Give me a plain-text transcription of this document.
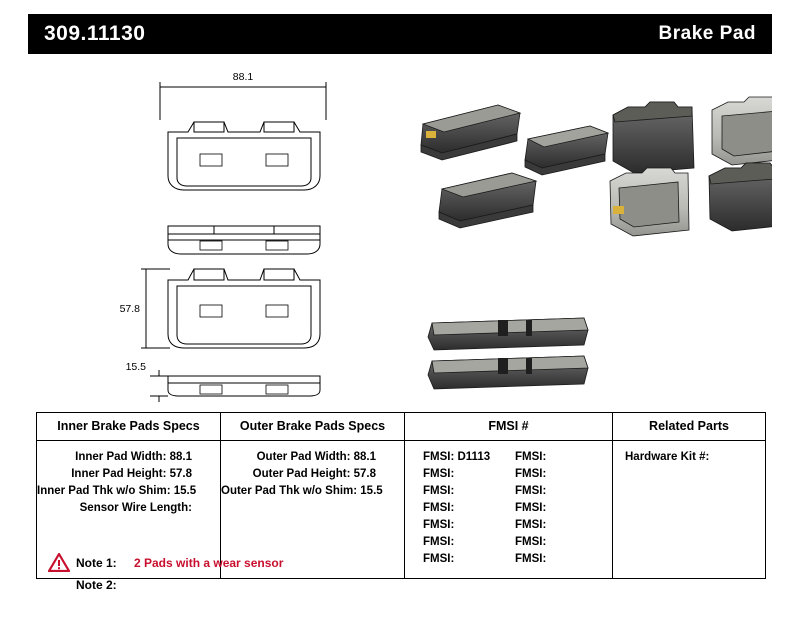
309.11130	Brake Pad
88.1
57.8
15.5
Inner Brake Pads Specs	Outer Brake Pads Specs	FMSI #	Related Parts
Inner Pad Width: 88.1
Inner Pad Height: 57.8
Inner Pad Thk w/o Shim: 15.5
Sensor Wire Length:
Outer Pad Width: 88.1
Outer Pad Height: 57.8
Outer Pad Thk w/o Shim: 15.5
FMSI: D1113
FMSI:
FMSI:
FMSI:
FMSI:
FMSI:
FMSI:
FMSI:
FMSI:
FMSI:
FMSI:
FMSI:
FMSI:
FMSI:
Hardware Kit #:
Note 1:	2 Pads with a wear sensor
Note 2:
